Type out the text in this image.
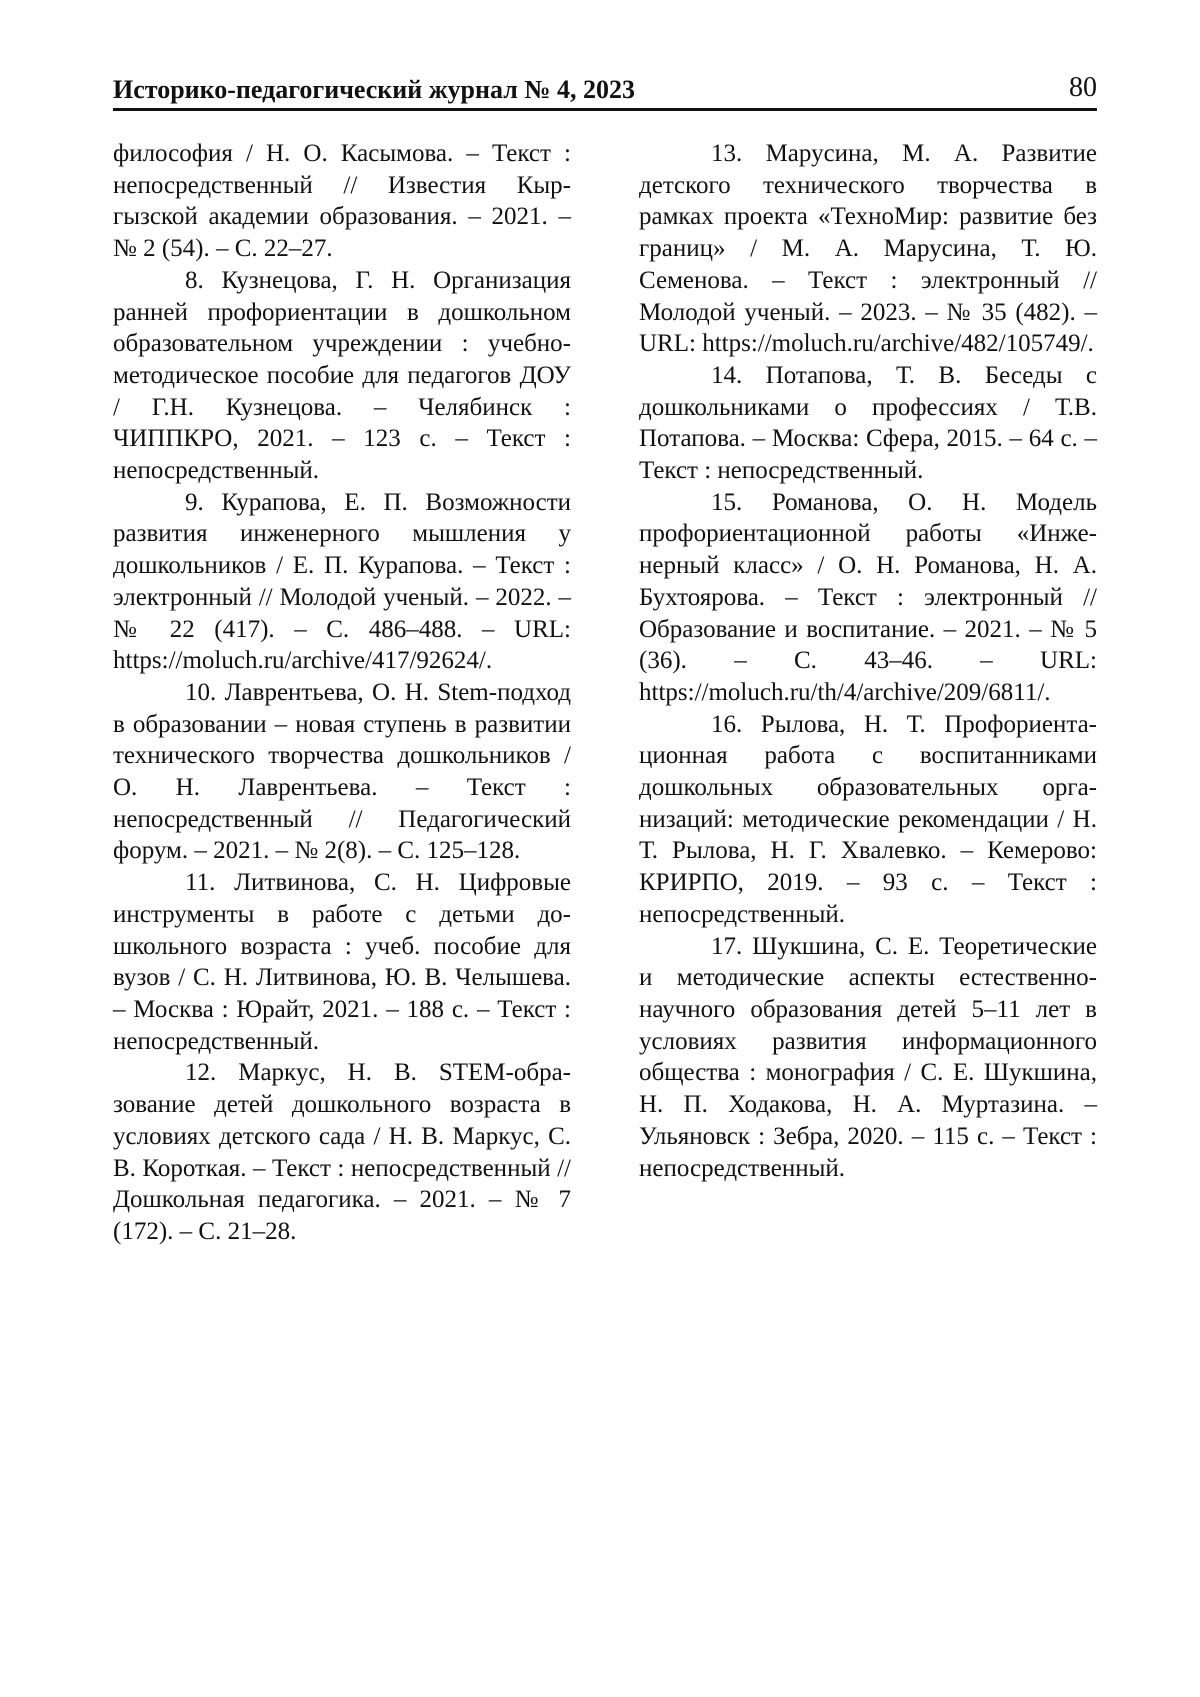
Историко-педагогический журнал № 4, 2023	80

философия / Н. О. Касымова. – Текст : непосредственный // Известия Кыргызской академии образования. – 2021. – № 2 (54). – С. 22–27.

8. Кузнецова, Г. Н. Организация ранней профориентации в дошкольном образовательном учреждении : учебно-методическое пособие для педагогов ДОУ / Г.Н. Кузнецова. – Челябинск : ЧИППКРО, 2021. – 123 с. – Текст : непосредственный.

9. Курапова, Е. П. Возможности развития инженерного мышления у дошкольников / Е. П. Курапова. – Текст : электронный // Молодой ученый. – 2022. – № 22 (417). – С. 486–488. – URL: https://moluch.ru/archive/417/92624/.

10. Лаврентьева, О. Н. Stem-подход в образовании – новая ступень в развитии технического творчества дошкольников / О. Н. Лаврентьева. – Текст : непосредственный // Педагогический форум. – 2021. – № 2(8). – С. 125–128.

11. Литвинова, С. Н. Цифровые инструменты в работе с детьми дошкольного возраста : учеб. пособие для вузов / С. Н. Литвинова, Ю. В. Челышева. – Москва : Юрайт, 2021. – 188 с. – Текст : непосредственный.

12. Маркус, Н. В. STEM-образование детей дошкольного возраста в условиях детского сада / Н. В. Маркус, С. В. Короткая. – Текст : непосредственный // Дошкольная педагогика. – 2021. – № 7 (172). – С. 21–28.

13. Марусина, М. А. Развитие детского технического творчества в рамках проекта «ТехноМир: развитие без границ» / М. А. Марусина, Т. Ю. Семенова. – Текст : электронный // Молодой ученый. – 2023. – № 35 (482). – URL: https://moluch.ru/archive/482/105749/.

14. Потапова, Т. В. Беседы с дошкольниками о профессиях / Т.В. Потапова. – Москва: Сфера, 2015. – 64 с. – Текст : непосредственный.

15. Романова, О. Н. Модель профориентационной работы «Инженерный класс» / О. Н. Романова, Н. А. Бухтоярова. – Текст : электронный // Образование и воспитание. – 2021. – № 5 (36). – С. 43–46. – URL: https://moluch.ru/th/4/archive/209/6811/.

16. Рылова, Н. Т. Профориентационная работа с воспитанниками дошкольных образовательных организаций: методические рекомендации / Н. Т. Рылова, Н. Г. Хвалевко. – Кемерово: КРИРПО, 2019. – 93 с. – Текст : непосредственный.

17. Шукшина, С. Е. Теоретические и методические аспекты естественно-научного образования детей 5–11 лет в условиях развития информационного общества : монография / С. Е. Шукшина, Н. П. Ходакова, Н. А. Муртазина. – Ульяновск : Зебра, 2020. – 115 с. – Текст : непосредственный.
